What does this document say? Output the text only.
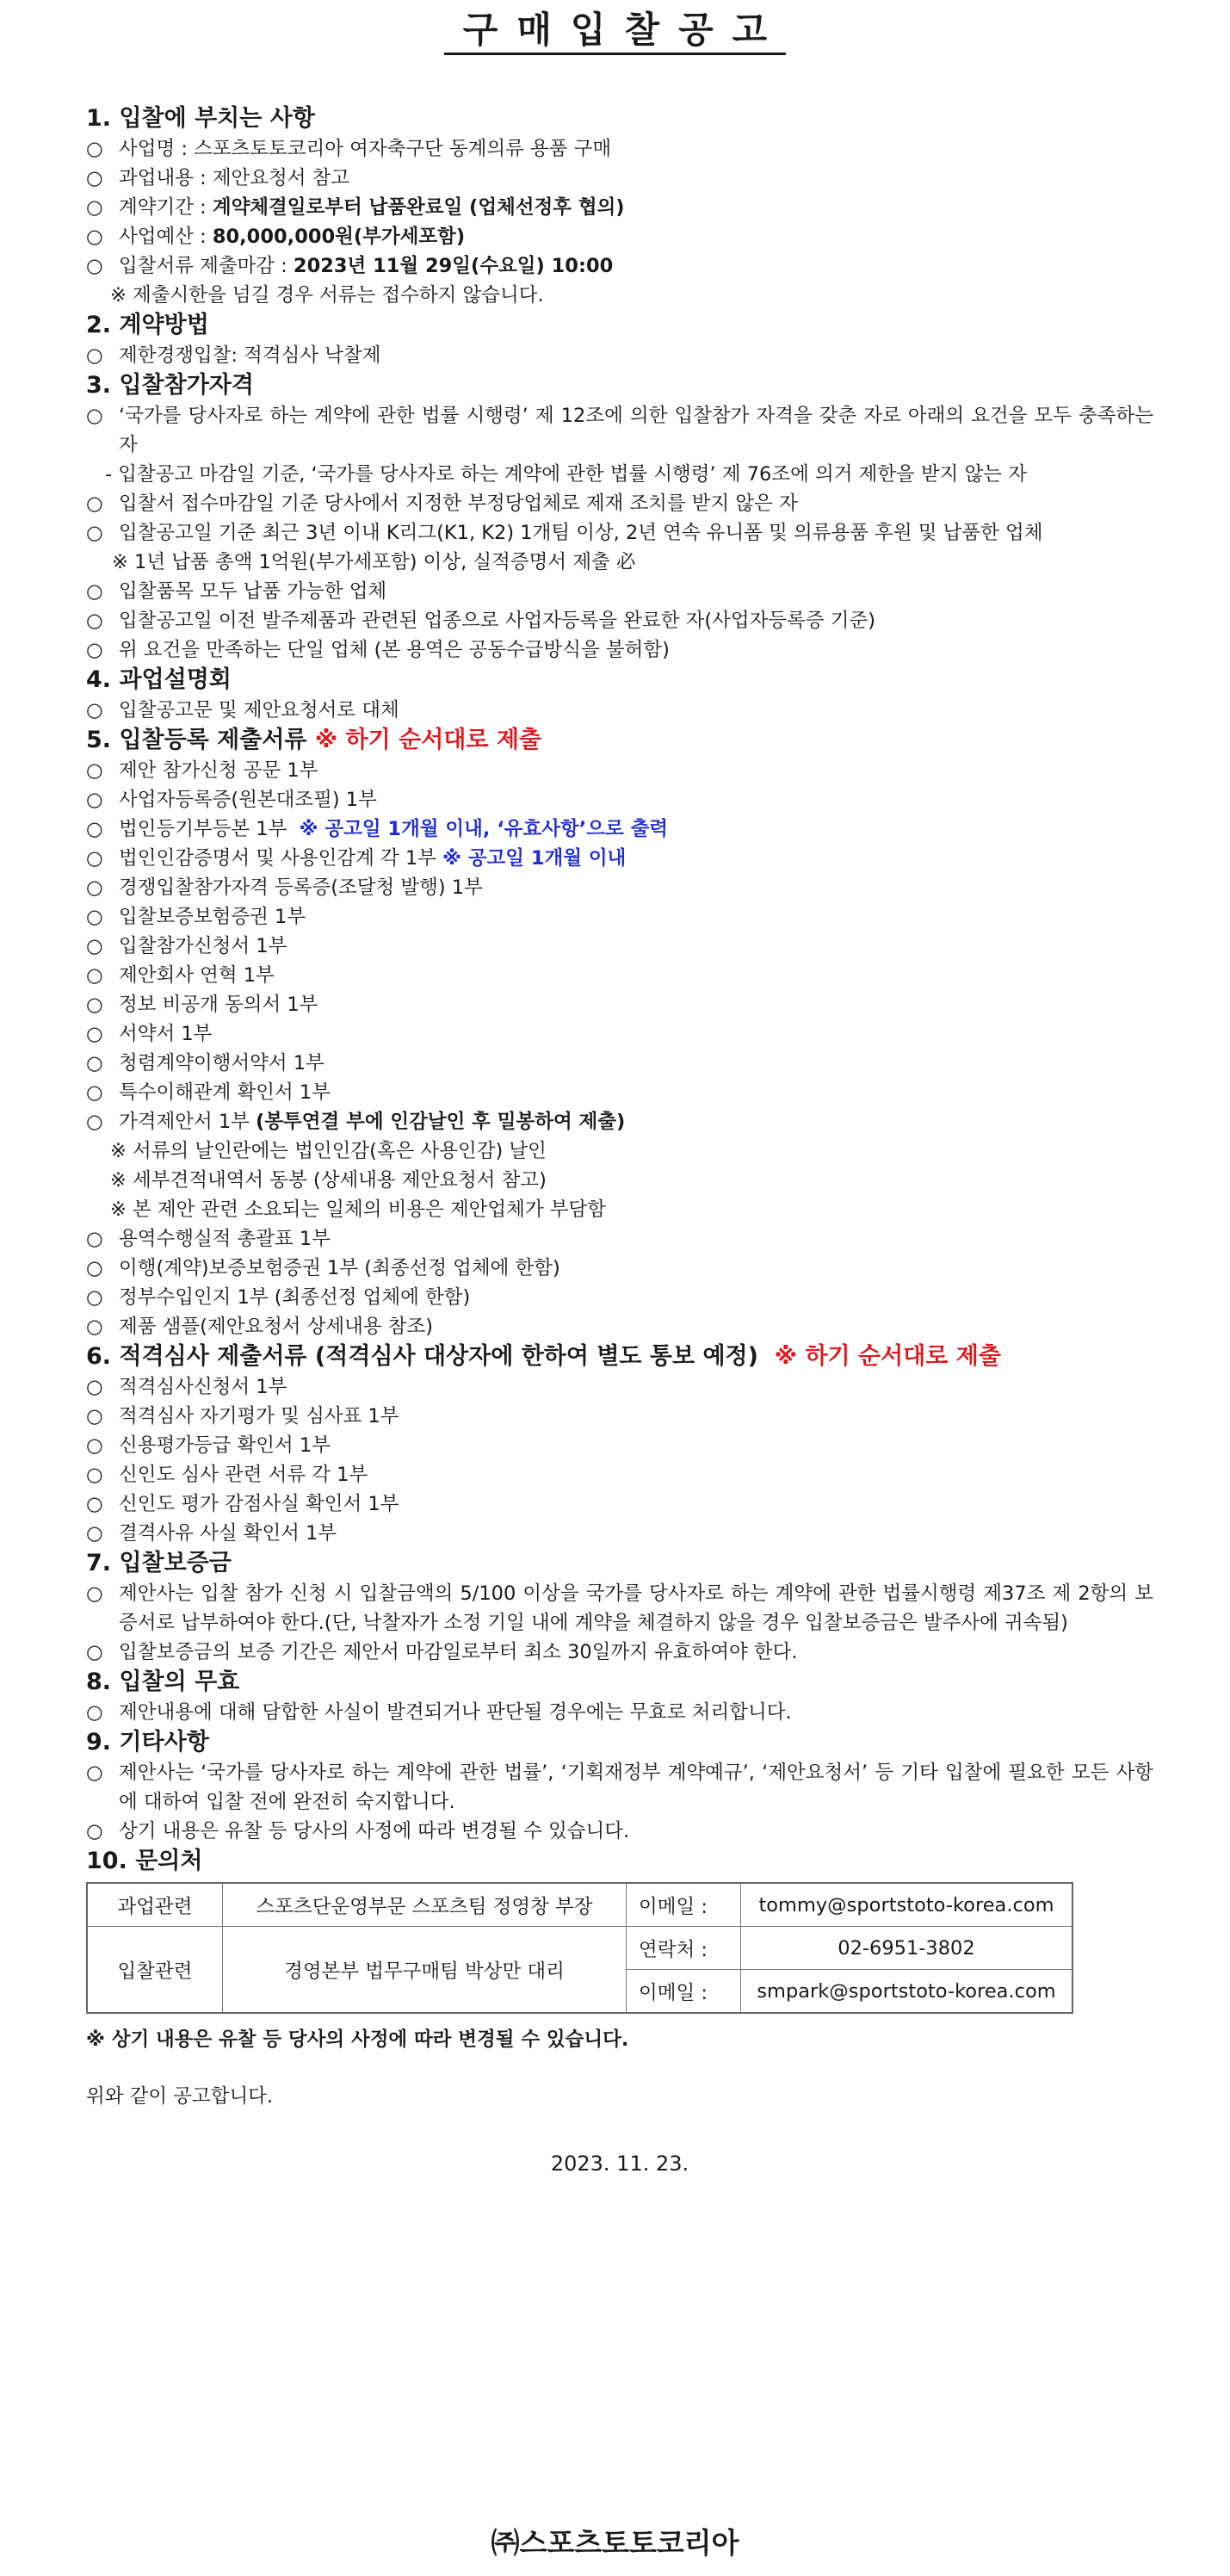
구매입찰공고
1. 입찰에 부치는 사항
○ 사업명 : 스포츠토토코리아 여자축구단 동계의류 용품 구매
○ 과업내용 : 제안요청서 참고
○ 계약기간 : 계약체결일로부터 납품완료일 (업체선정후 협의)
○ 사업예산 : 80,000,000원(부가세포함)
○ 입찰서류 제출마감 : 2023년 11월 29일(수요일) 10:00
※ 제출시한을 넘길 경우 서류는 접수하지 않습니다.
2. 계약방법
○ 제한경쟁입찰: 적격심사 낙찰제
3. 입찰참가자격
○ ‘국가를 당사자로 하는 계약에 관한 법률 시행령’ 제 12조에 의한 입찰참가 자격을 갖춘 자로 아래의 요건을 모두 충족하는 자
- 입찰공고 마감일 기준, ‘국가를 당사자로 하는 계약에 관한 법률 시행령’ 제 76조에 의거 제한을 받지 않는 자
○ 입찰서 접수마감일 기준 당사에서 지정한 부정당업체로 제재 조치를 받지 않은 자
○ 입찰공고일 기준 최근 3년 이내 K리그(K1, K2) 1개팀 이상, 2년 연속 유니폼 및 의류용품 후원 및 납품한 업체
※ 1년 납품 총액 1억원(부가세포함) 이상, 실적증명서 제출 必
○ 입찰품목 모두 납품 가능한 업체
○ 입찰공고일 이전 발주제품과 관련된 업종으로 사업자등록을 완료한 자(사업자등록증 기준)
○ 위 요건을 만족하는 단일 업체 (본 용역은 공동수급방식을 불허함)
4. 과업설명회
○ 입찰공고문 및 제안요청서로 대체
5. 입찰등록 제출서류 ※ 하기 순서대로 제출
○ 제안 참가신청 공문 1부
○ 사업자등록증(원본대조필) 1부
○ 법인등기부등본 1부 ※ 공고일 1개월 이내, ‘유효사항’으로 출력
○ 법인인감증명서 및 사용인감계 각 1부 ※ 공고일 1개월 이내
○ 경쟁입찰참가자격 등록증(조달청 발행) 1부
○ 입찰보증보험증권 1부
○ 입찰참가신청서 1부
○ 제안회사 연혁 1부
○ 정보 비공개 동의서 1부
○ 서약서 1부
○ 청렴계약이행서약서 1부
○ 특수이해관계 확인서 1부
○ 가격제안서 1부 (봉투연결 부에 인감날인 후 밀봉하여 제출)
※ 서류의 날인란에는 법인인감(혹은 사용인감) 날인
※ 세부견적내역서 동봉 (상세내용 제안요청서 참고)
※ 본 제안 관련 소요되는 일체의 비용은 제안업체가 부담함
○ 용역수행실적 총괄표 1부
○ 이행(계약)보증보험증권 1부 (최종선정 업체에 한함)
○ 정부수입인지 1부 (최종선정 업체에 한함)
○ 제품 샘플(제안요청서 상세내용 참조)
6. 적격심사 제출서류 (적격심사 대상자에 한하여 별도 통보 예정) ※ 하기 순서대로 제출
○ 적격심사신청서 1부
○ 적격심사 자기평가 및 심사표 1부
○ 신용평가등급 확인서 1부
○ 신인도 심사 관련 서류 각 1부
○ 신인도 평가 감점사실 확인서 1부
○ 결격사유 사실 확인서 1부
7. 입찰보증금
○ 제안사는 입찰 참가 신청 시 입찰금액의 5/100 이상을 국가를 당사자로 하는 계약에 관한 법률시행령 제37조 제 2항의 보증서로 납부하여야 한다.(단, 낙찰자가 소정 기일 내에 계약을 체결하지 않을 경우 입찰보증금은 발주사에 귀속됨)
○ 입찰보증금의 보증 기간은 제안서 마감일로부터 최소 30일까지 유효하여야 한다.
8. 입찰의 무효
○ 제안내용에 대해 담합한 사실이 발견되거나 판단될 경우에는 무효로 처리합니다.
9. 기타사항
○ 제안사는 ‘국가를 당사자로 하는 계약에 관한 법률’, ‘기획재정부 계약예규’, ‘제안요청서’ 등 기타 입찰에 필요한 모든 사항에 대하여 입찰 전에 완전히 숙지합니다.
○ 상기 내용은 유찰 등 당사의 사정에 따라 변경될 수 있습니다.
10. 문의처
과업관련	스포츠단운영부문 스포츠팀 정영창 부장	이메일 :	tommy@sportstoto-korea.com
입찰관련	경영본부 법무구매팀 박상만 대리	연락처 :	02-6951-3802
		이메일 :	smpark@sportstoto-korea.com
※ 상기 내용은 유찰 등 당사의 사정에 따라 변경될 수 있습니다.
위와 같이 공고합니다.
2023. 11. 23.
㈜스포츠토토코리아
